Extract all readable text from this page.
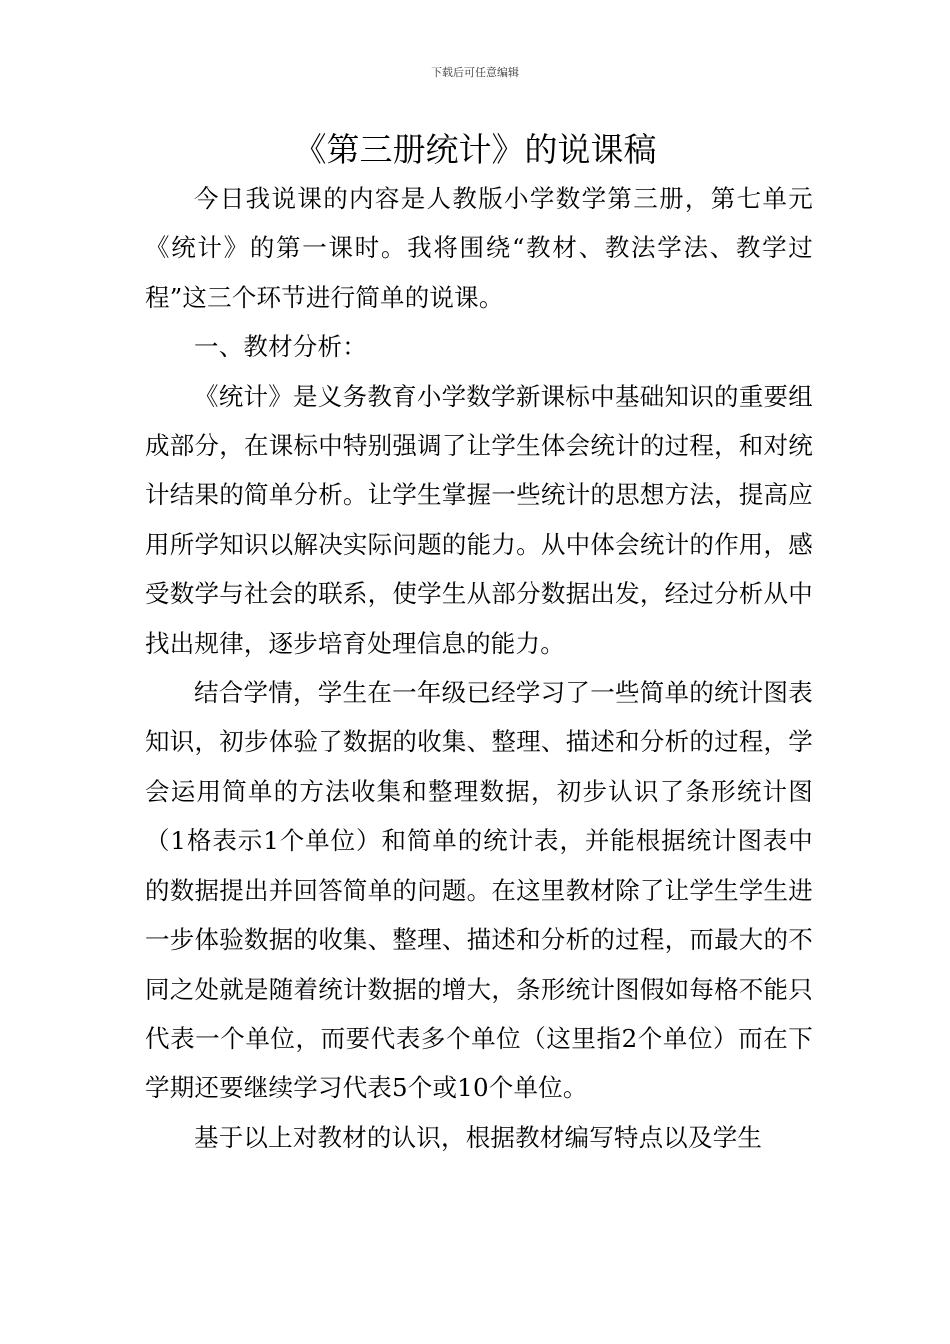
下载后可任意编辑
《第三册统计》的说课稿

今日我说课的内容是人教版小学数学第三册，第七单元《统计》的第一课时。我将围绕“教材、教法学法、教学过程”这三个环节进行简单的说课。

一、教材分析：

《统计》是义务教育小学数学新课标中基础知识的重要组成部分，在课标中特别强调了让学生体会统计的过程，和对统计结果的简单分析。让学生掌握一些统计的思想方法，提高应用所学知识以解决实际问题的能力。从中体会统计的作用，感受数学与社会的联系，使学生从部分数据出发，经过分析从中找出规律，逐步培育处理信息的能力。

结合学情，学生在一年级已经学习了一些简单的统计图表知识，初步体验了数据的收集、整理、描述和分析的过程，学会运用简单的方法收集和整理数据，初步认识了条形统计图（1格表示1个单位）和简单的统计表，并能根据统计图表中的数据提出并回答简单的问题。在这里教材除了让学生学生进一步体验数据的收集、整理、描述和分析的过程，而最大的不同之处就是随着统计数据的增大，条形统计图假如每格不能只代表一个单位，而要代表多个单位（这里指2个单位）而在下学期还要继续学习代表5个或10个单位。

基于以上对教材的认识，根据教材编写特点以及学生
